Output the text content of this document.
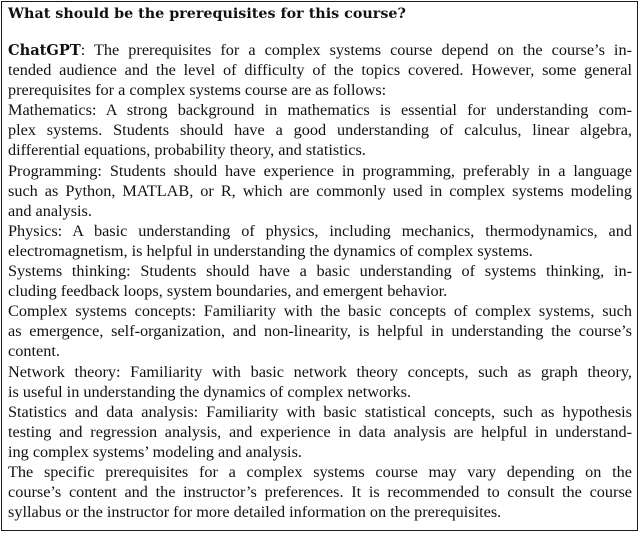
What should be the prerequisites for this course?

ChatGPT: The prerequisites for a complex systems course depend on the course’s in-
tended audience and the level of difficulty of the topics covered. However, some general
prerequisites for a complex systems course are as follows:
Mathematics: A strong background in mathematics is essential for understanding com-
plex systems. Students should have a good understanding of calculus, linear algebra,
differential equations, probability theory, and statistics.
Programming: Students should have experience in programming, preferably in a language
such as Python, MATLAB, or R, which are commonly used in complex systems modeling
and analysis.
Physics: A basic understanding of physics, including mechanics, thermodynamics, and
electromagnetism, is helpful in understanding the dynamics of complex systems.
Systems thinking: Students should have a basic understanding of systems thinking, in-
cluding feedback loops, system boundaries, and emergent behavior.
Complex systems concepts: Familiarity with the basic concepts of complex systems, such
as emergence, self-organization, and non-linearity, is helpful in understanding the course’s
content.
Network theory: Familiarity with basic network theory concepts, such as graph theory,
is useful in understanding the dynamics of complex networks.
Statistics and data analysis: Familiarity with basic statistical concepts, such as hypothesis
testing and regression analysis, and experience in data analysis are helpful in understand-
ing complex systems’ modeling and analysis.
The specific prerequisites for a complex systems course may vary depending on the
course’s content and the instructor’s preferences. It is recommended to consult the course
syllabus or the instructor for more detailed information on the prerequisites.
